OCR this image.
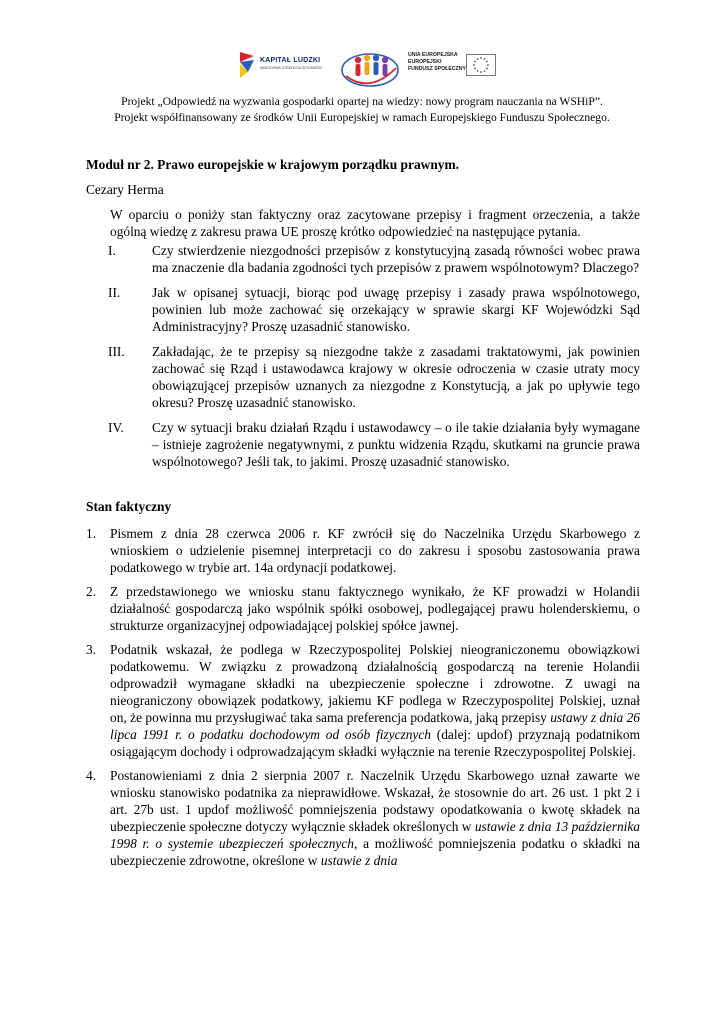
KAPITAŁ LUDZKI
NARODOWA STRATEGIA SPÓJNOŚCI
UNIA EUROPEJSKA
EUROPEJSKI
FUNDUSZ SPOŁECZNY
Projekt „Odpowiedź na wyzwania gospodarki opartej na wiedzy: nowy program nauczania na WSHiP”.
Projekt współfinansowany ze środków Unii Europejskiej w ramach Europejskiego Funduszu Społecznego.

Moduł nr 2. Prawo europejskie w krajowym porządku prawnym.

Cezary Herma

W oparciu o poniży stan faktyczny oraz zacytowane przepisy i fragment orzeczenia, a także ogólną wiedzę z zakresu prawa UE proszę krótko odpowiedzieć na następujące pytania.

I.	Czy stwierdzenie niezgodności przepisów z konstytucyjną zasadą równości wobec prawa ma znaczenie dla badania zgodności tych przepisów z prawem wspólnotowym? Dlaczego?
II. Jak w opisanej sytuacji, biorąc pod uwagę przepisy i zasady prawa wspólnotowego, powinien lub może zachować się orzekający w sprawie skargi KF Wojewódzki Sąd Administracyjny? Proszę uzasadnić stanowisko.
III. Zakładając, że te przepisy są niezgodne także z zasadami traktatowymi, jak powinien zachować się Rząd i ustawodawca krajowy w okresie odroczenia w czasie utraty mocy obowiązującej przepisów uznanych za niezgodne z Konstytucją, a jak po upływie tego okresu? Proszę uzasadnić stanowisko.
IV. Czy w sytuacji braku działań Rządu i ustawodawcy – o ile takie działania były wymagane – istnieje zagrożenie negatywnymi, z punktu widzenia Rządu, skutkami na gruncie prawa wspólnotowego? Jeśli tak, to jakimi. Proszę uzasadnić stanowisko.

Stan faktyczny

1. Pismem z dnia 28 czerwca 2006 r. KF zwrócił się do Naczelnika Urzędu Skarbowego z wnioskiem o udzielenie pisemnej interpretacji co do zakresu i sposobu zastosowania prawa podatkowego w trybie art. 14a ordynacji podatkowej.
2. Z przedstawionego we wniosku stanu faktycznego wynikało, że KF prowadzi w Holandii działalność gospodarczą jako wspólnik spółki osobowej, podlegającej prawu holenderskiemu, o strukturze organizacyjnej odpowiadającej polskiej spółce jawnej.
3. Podatnik wskazał, że podlega w Rzeczypospolitej Polskiej nieograniczonemu obowiązkowi podatkowemu. W związku z prowadzoną działalnością gospodarczą na terenie Holandii odprowadził wymagane składki na ubezpieczenie społeczne i zdrowotne. Z uwagi na nieograniczony obowiązek podatkowy, jakiemu KF podlega w Rzeczypospolitej Polskiej, uznał on, że powinna mu przysługiwać taka sama preferencja podatkowa, jaką przepisy ustawy z dnia 26 lipca 1991 r. o podatku dochodowym od osób fizycznych (dalej: updof) przyznają podatnikom osiągającym dochody i odprowadzającym składki wyłącznie na terenie Rzeczypospolitej Polskiej.
4. Postanowieniami z dnia 2 sierpnia 2007 r. Naczelnik Urzędu Skarbowego uznał zawarte we wniosku stanowisko podatnika za nieprawidłowe. Wskazał, że stosownie do art. 26 ust. 1 pkt 2 i art. 27b ust. 1 updof możliwość pomniejszenia podstawy opodatkowania o kwotę składek na ubezpieczenie społeczne dotyczy wyłącznie składek określonych w ustawie z dnia 13 października 1998 r. o systemie ubezpieczeń społecznych, a możliwość pomniejszenia podatku o składki na ubezpieczenie zdrowotne, określone w ustawie z dnia
